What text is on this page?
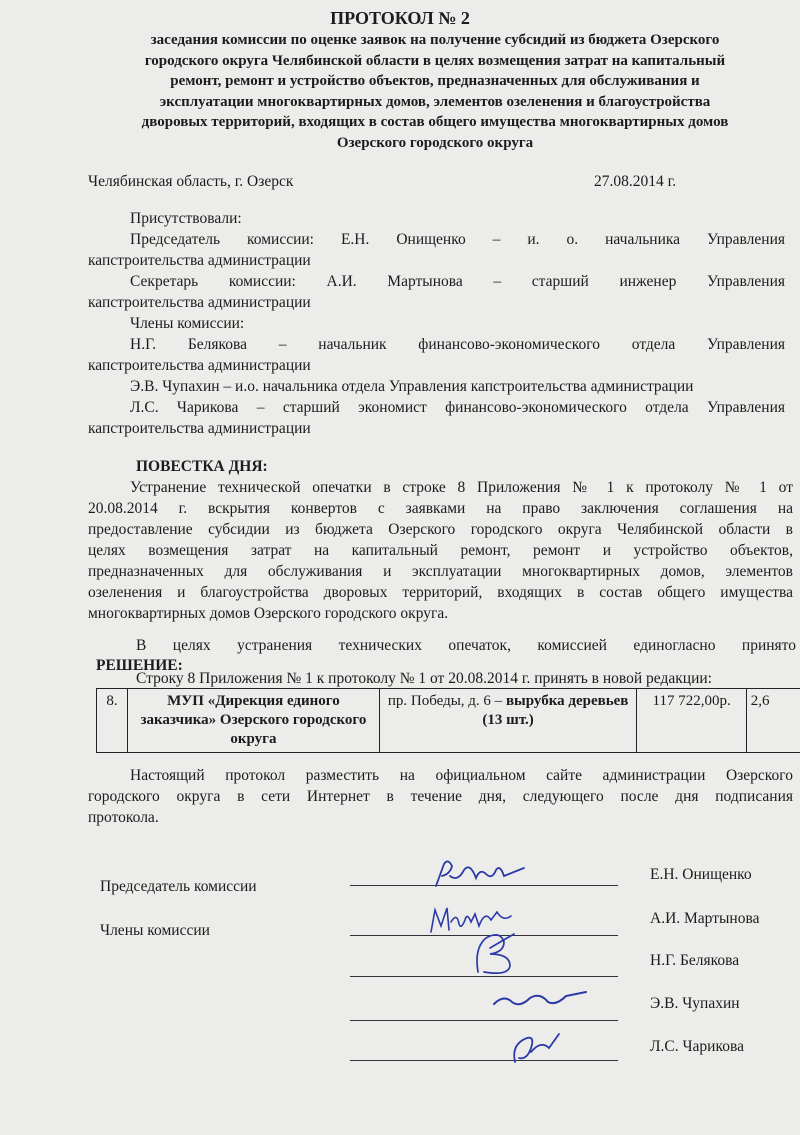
ПРОТОКОЛ № 2
заседания комиссии по оценке заявок на получение субсидий из бюджета Озерского
городского округа Челябинской области в целях возмещения затрат на капитальный
ремонт, ремонт и устройство объектов, предназначенных для обслуживания и
эксплуатации многоквартирных домов, элементов озеленения и благоустройства
дворовых территорий, входящих в состав общего имущества многоквартирных домов
Озерского городского округа
Челябинская область, г. Озерск	27.08.2014 г.
Присутствовали:
Председатель комиссии: Е.Н. Онищенко – и. о. начальника Управления
капстроительства администрации
Секретарь комиссии: А.И. Мартынова – старший инженер Управления
капстроительства администрации
Члены комиссии:
Н.Г. Белякова – начальник финансово-экономического отдела Управления
капстроительства администрации
Э.В. Чупахин – и.о. начальника отдела Управления капстроительства администрации
Л.С. Чарикова – старший экономист финансово-экономического отдела Управления
капстроительства администрации
ПОВЕСТКА ДНЯ:
Устранение технической опечатки в строке 8 Приложения № 1 к протоколу № 1 от
20.08.2014 г. вскрытия конвертов с заявками на право заключения соглашения на
предоставление субсидии из бюджета Озерского городского округа Челябинской области в
целях возмещения затрат на капитальный ремонт, ремонт и устройство объектов,
предназначенных для обслуживания и эксплуатации многоквартирных домов, элементов
озеленения и благоустройства дворовых территорий, входящих в состав общего имущества
многоквартирных домов Озерского городского округа.
В целях устранения технических опечаток, комиссией единогласно принято
РЕШЕНИЕ:
Строку 8 Приложения № 1 к протоколу № 1 от 20.08.2014 г. принять в новой редакции:
8.	МУП «Дирекция единого заказчика» Озерского городского округа	пр. Победы, д. 6 – вырубка деревьев (13 шт.)	117 722,00р.	2,6
Настоящий протокол разместить на официальном сайте администрации Озерского
городского округа в сети Интернет в течение дня, следующего после дня подписания
протокола.
Председатель комиссии
Члены комиссии
Е.Н. Онищенко
А.И. Мартынова
Н.Г. Белякова
Э.В. Чупахин
Л.С. Чарикова
